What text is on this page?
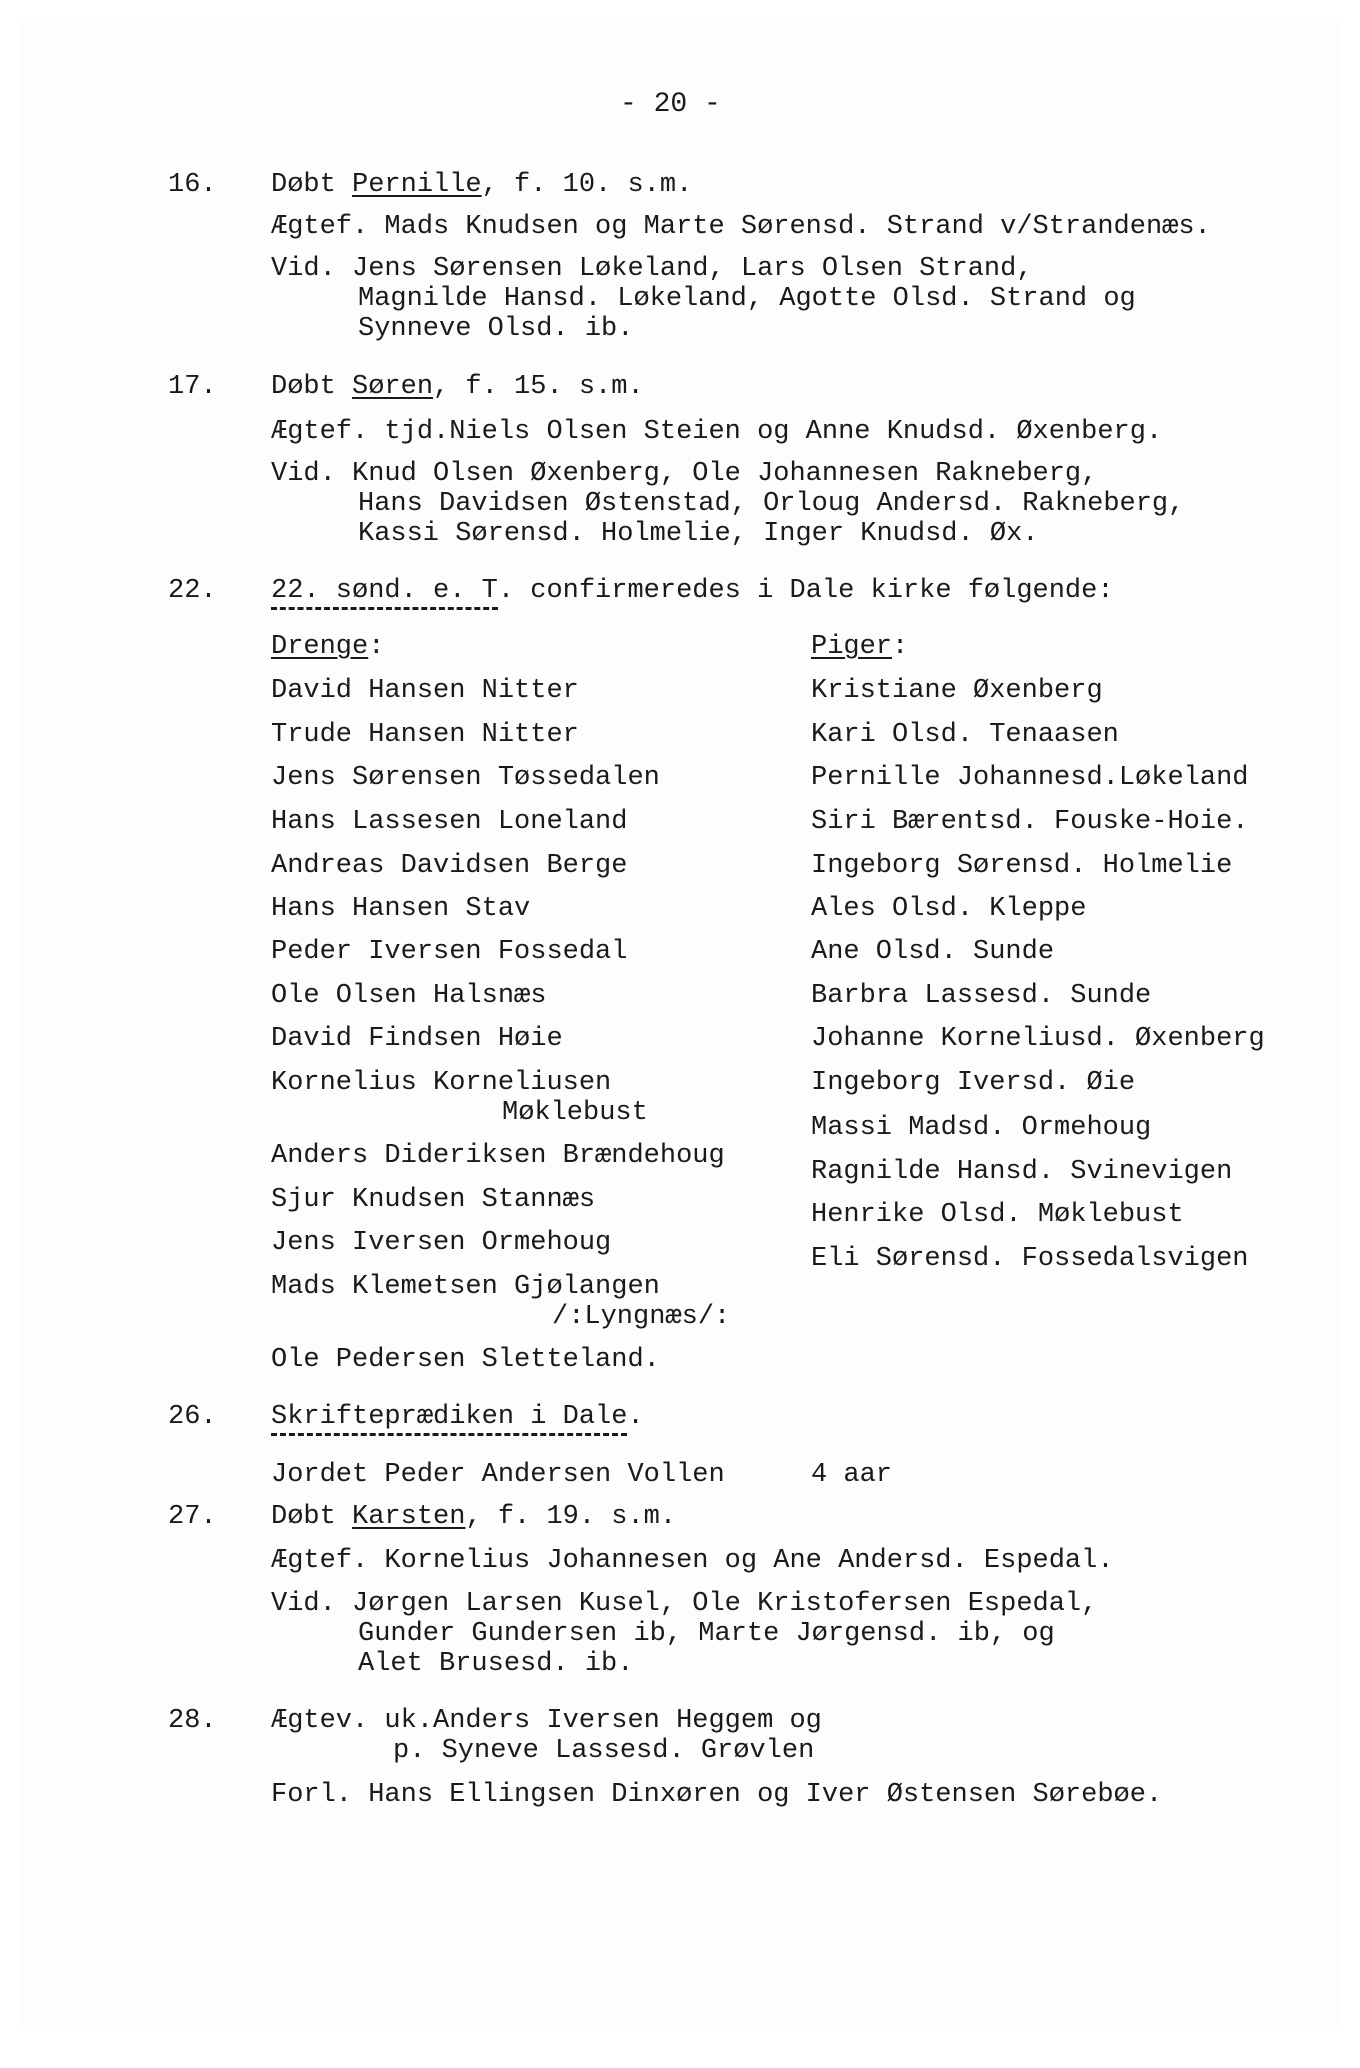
- 20 -
16. Døbt Pernille, f. 10. s.m.
Ægtef. Mads Knudsen og Marte Sørensd. Strand v/Strandenæs.
Vid. Jens Sørensen Løkeland, Lars Olsen Strand,
Magnilde Hansd. Løkeland, Agotte Olsd. Strand og
Synneve Olsd. ib.
17. Døbt Søren, f. 15. s.m.
Ægtef. tjd.Niels Olsen Steien og Anne Knudsd. Øxenberg.
Vid. Knud Olsen Øxenberg, Ole Johannesen Rakneberg,
Hans Davidsen Østenstad, Orloug Andersd. Rakneberg,
Kassi Sørensd. Holmelie, Inger Knudsd. Øx.
22. 22. sønd. e. T. confirmeredes i Dale kirke følgende:
Drenge:	Piger:
David Hansen Nitter
Trude Hansen Nitter
Jens Sørensen Tøssedalen
Hans Lassesen Loneland
Andreas Davidsen Berge
Hans Hansen Stav
Peder Iversen Fossedal
Ole Olsen Halsnæs
David Findsen Høie
Kornelius Korneliusen
Møklebust
Anders Dideriksen Brændehoug
Sjur Knudsen Stannæs
Jens Iversen Ormehoug
Mads Klemetsen Gjølangen
/:Lyngnæs/:
Ole Pedersen Sletteland.
Kristiane Øxenberg
Kari Olsd. Tenaasen
Pernille Johannesd.Løkeland
Siri Bærentsd. Fouske-Hoie.
Ingeborg Sørensd. Holmelie
Ales Olsd. Kleppe
Ane Olsd. Sunde
Barbra Lassesd. Sunde
Johanne Korneliusd. Øxenberg
Ingeborg Iversd. Øie
Massi Madsd. Ormehoug
Ragnilde Hansd. Svinevigen
Henrike Olsd. Møklebust
Eli Sørensd. Fossedalsvigen
26. Skrifteprædiken i Dale.
Jordet Peder Andersen Vollen	4 aar
27. Døbt Karsten, f. 19. s.m.
Ægtef. Kornelius Johannesen og Ane Andersd. Espedal.
Vid. Jørgen Larsen Kusel, Ole Kristofersen Espedal,
Gunder Gundersen ib, Marte Jørgensd. ib, og
Alet Brusesd. ib.
28. Ægtev. uk.Anders Iversen Heggem og
p. Syneve Lassesd. Grøvlen
Forl. Hans Ellingsen Dinxøren og Iver Østensen Sørebøe.
